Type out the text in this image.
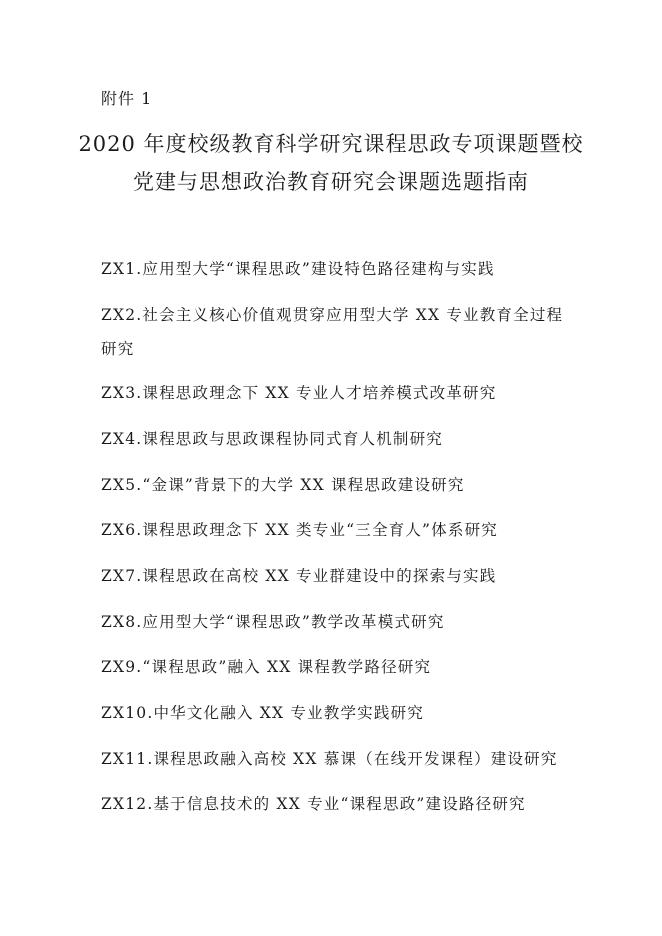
附件 1
2020 年度校级教育科学研究课程思政专项课题暨校
党建与思想政治教育研究会课题选题指南
ZX1.应用型大学“课程思政”建设特色路径建构与实践
ZX2.社会主义核心价值观贯穿应用型大学 XX 专业教育全过程研究
ZX3.课程思政理念下 XX 专业人才培养模式改革研究
ZX4.课程思政与思政课程协同式育人机制研究
ZX5.“金课”背景下的大学 XX 课程思政建设研究
ZX6.课程思政理念下 XX 类专业“三全育人”体系研究
ZX7.课程思政在高校 XX 专业群建设中的探索与实践
ZX8.应用型大学“课程思政”教学改革模式研究
ZX9.“课程思政”融入 XX 课程教学路径研究
ZX10.中华文化融入 XX 专业教学实践研究
ZX11.课程思政融入高校 XX 慕课（在线开发课程）建设研究
ZX12.基于信息技术的 XX 专业“课程思政”建设路径研究
